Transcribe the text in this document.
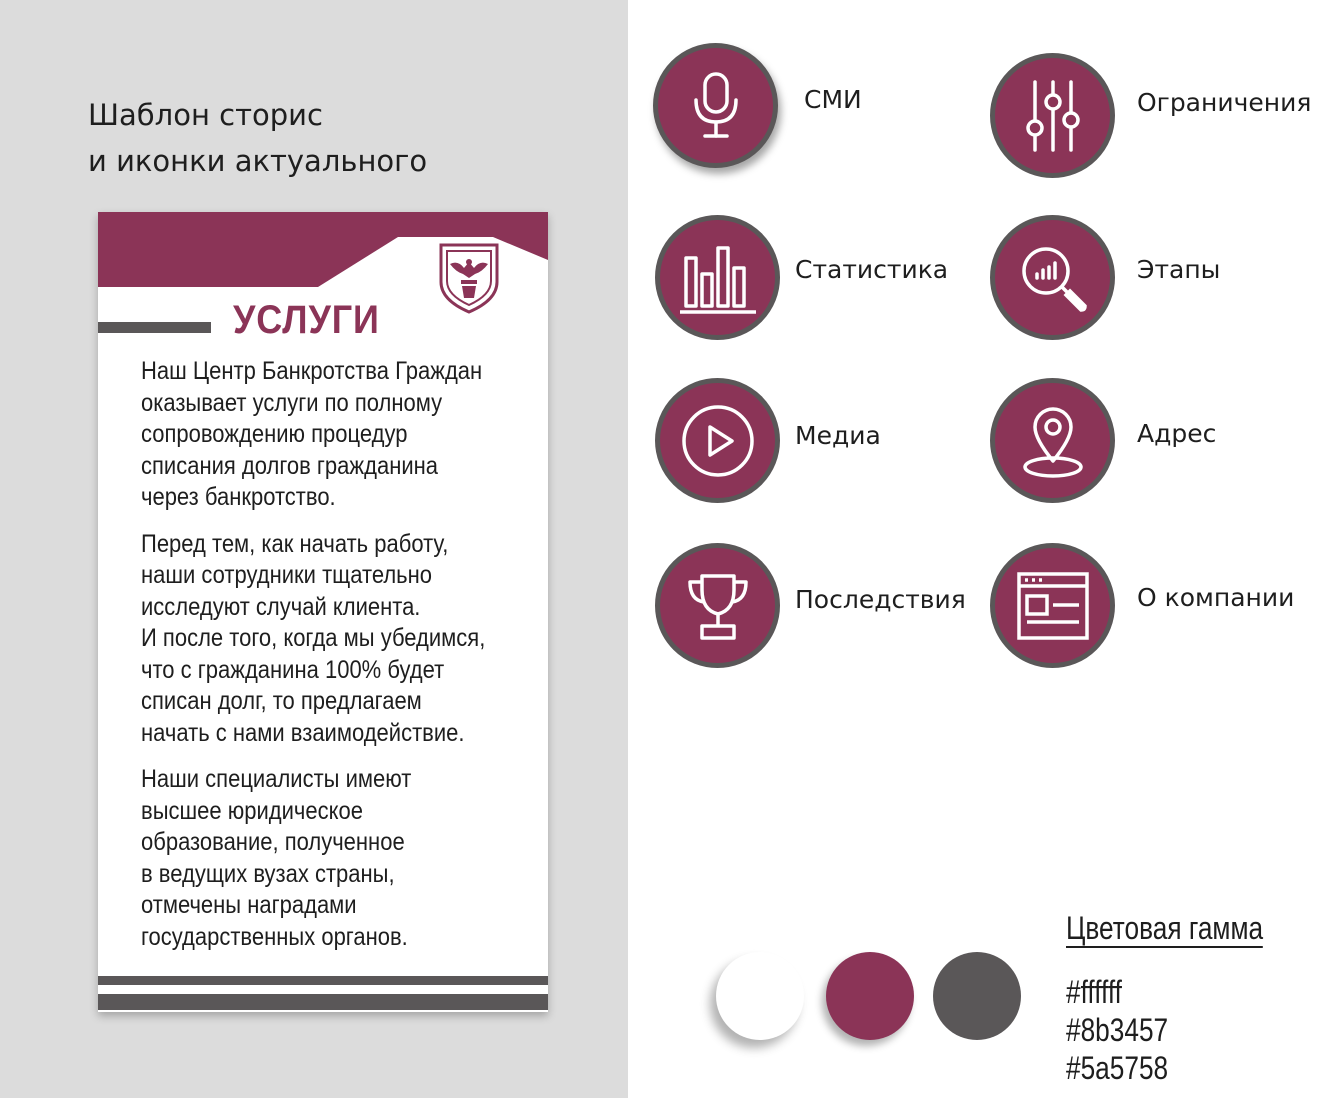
Шаблон сторис
и иконки актуального
УСЛУГИ

Наш Центр Банкротства Граждан
оказывает услуги по полному
сопровождению процедур
списания долгов гражданина
через банкротство.

Перед тем, как начать работу,
наши сотрудники тщательно
исследуют случай клиента.
И после того, когда мы убедимся,
что с гражданина 100% будет
списан долг, то предлагаем
начать с нами взаимодействие.

Наши специалисты имеют
высшее юридическое
образование, полученное
в ведущих вузах страны,
отмечены наградами
государственных органов.

СМИ	Ограничения
Статистика	Этапы
Медиа	Адрес
Последствия	О компании
Цветовая гамма
#ffffff
#8b3457
#5a5758
